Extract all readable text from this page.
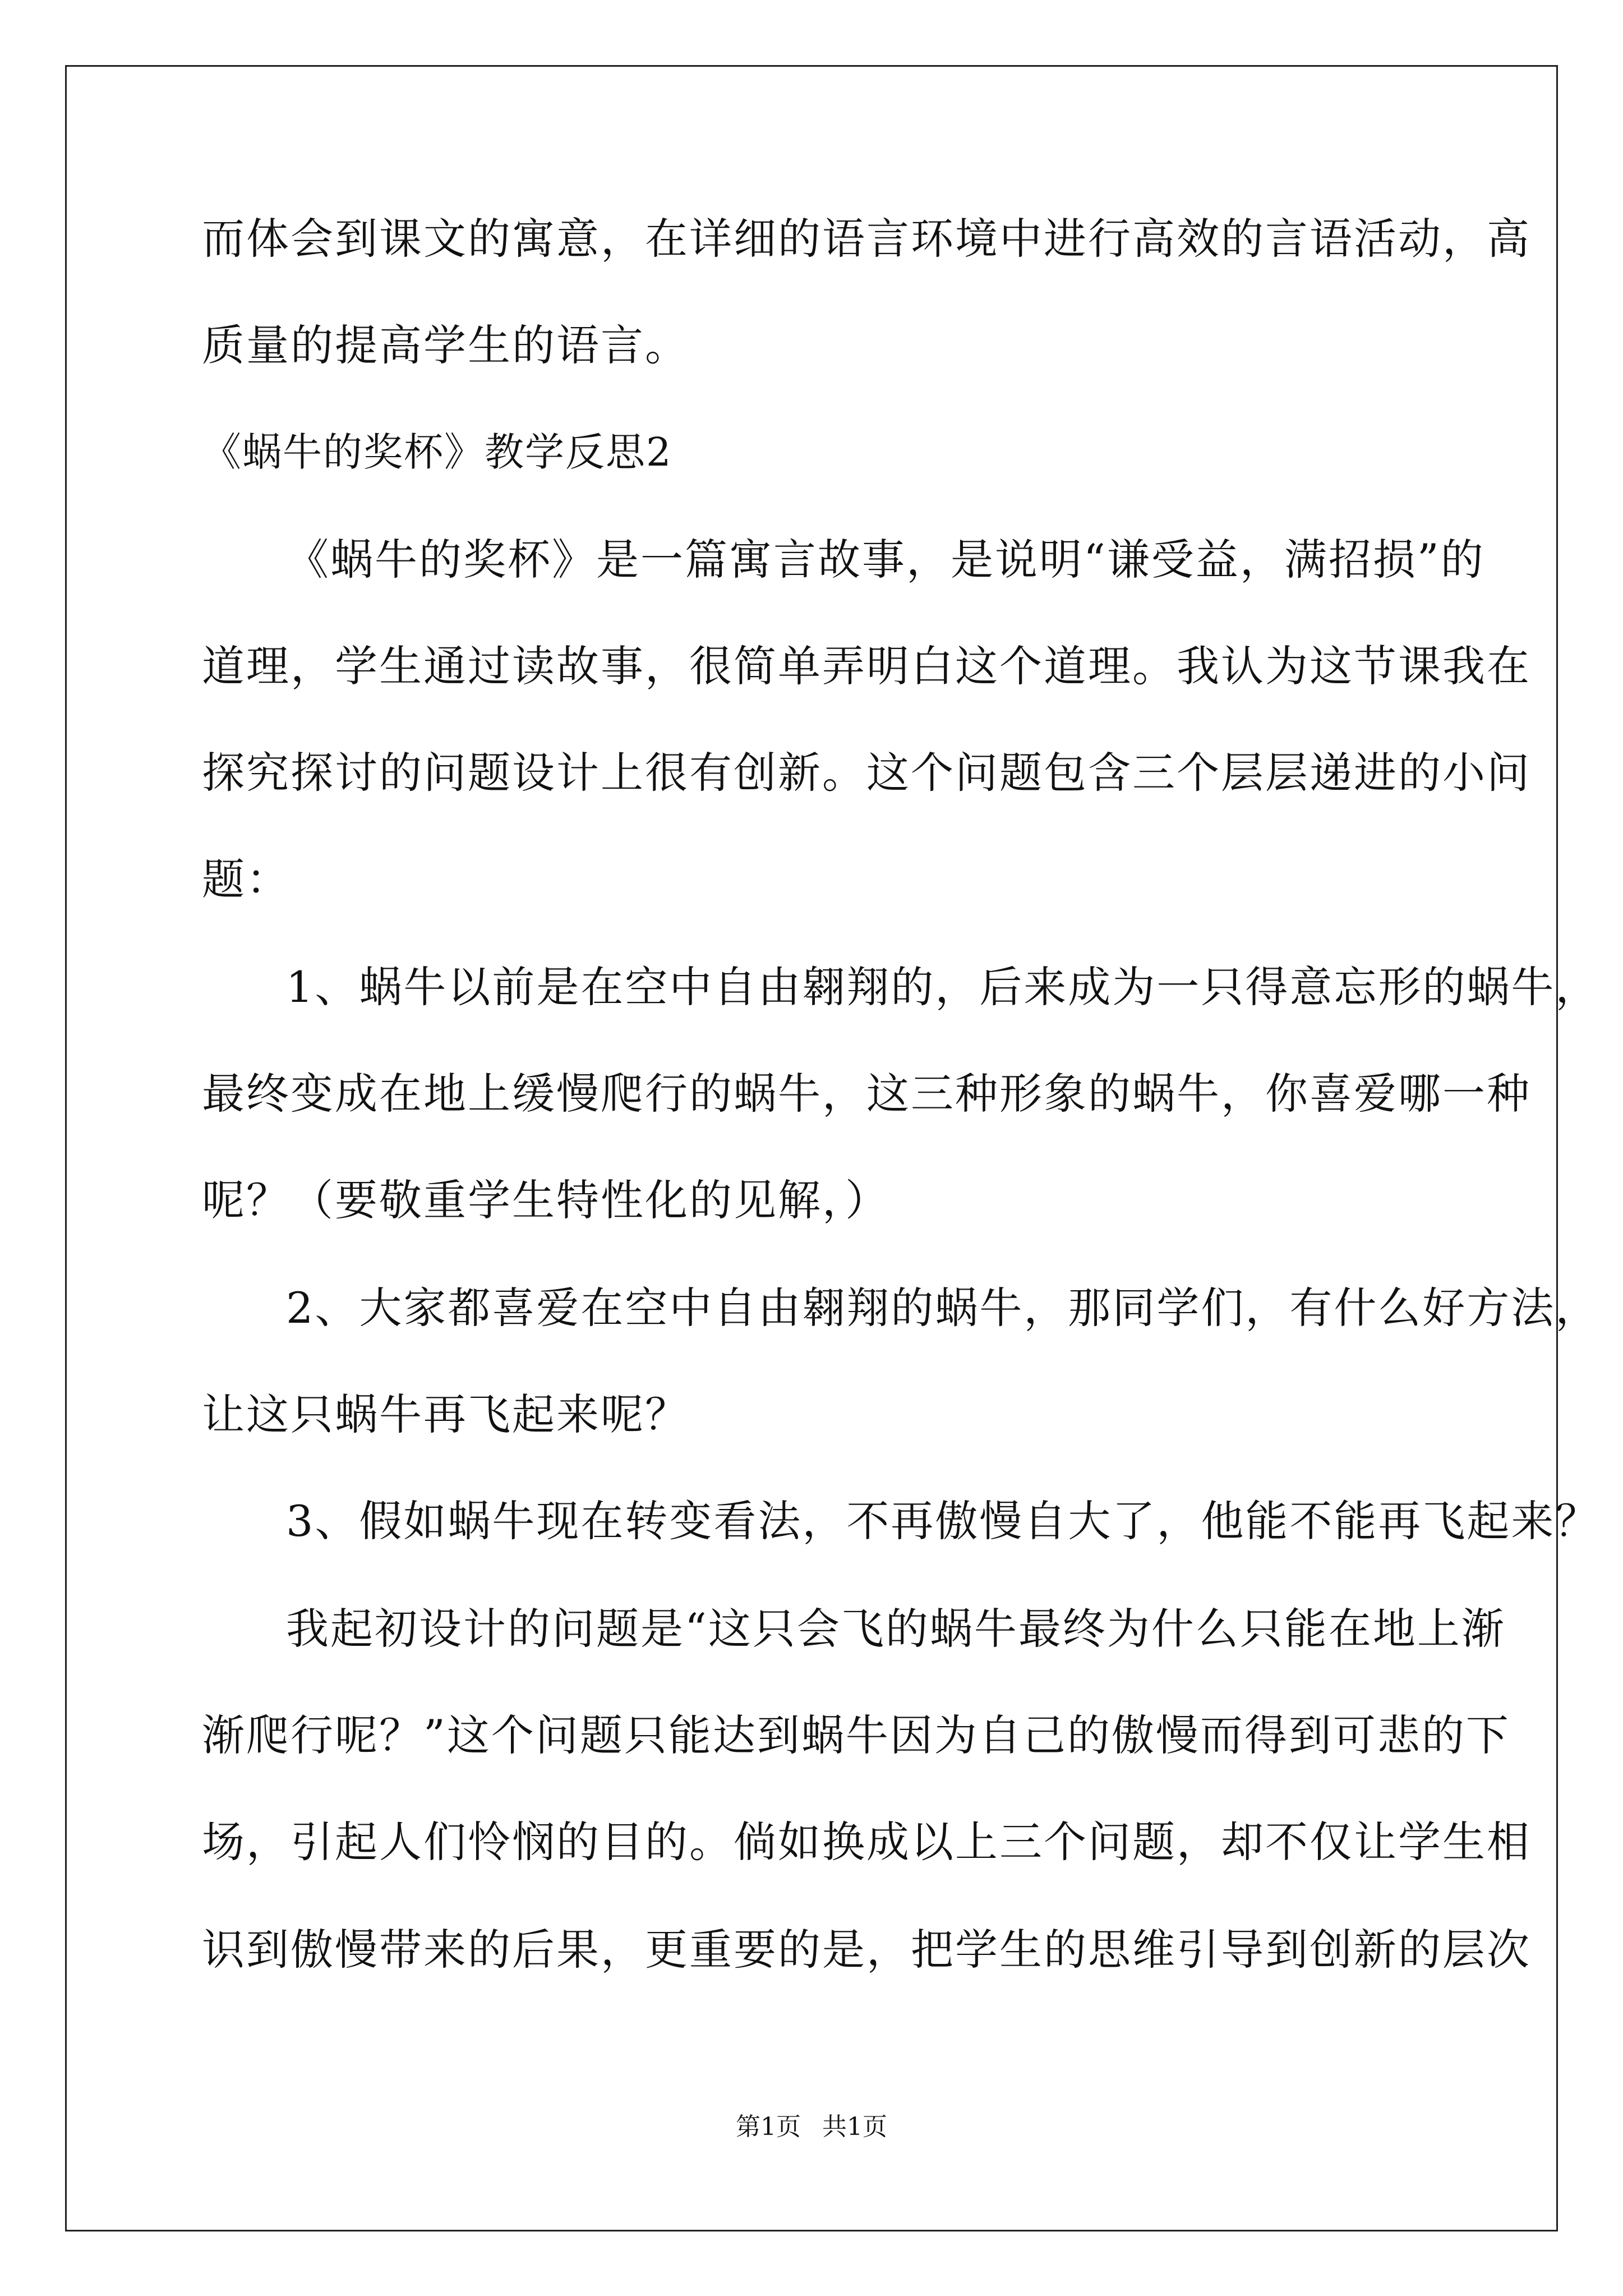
而体会到课文的寓意，在详细的语言环境中进行高效的言语活动，高
质量的提高学生的语言。
《蜗牛的奖杯》教学反思2
《蜗牛的奖杯》是一篇寓言故事，是说明“谦受益，满招损”的
道理，学生通过读故事，很简单弄明白这个道理。我认为这节课我在
探究探讨的问题设计上很有创新。这个问题包含三个层层递进的小问
题：
1、蜗牛以前是在空中自由翱翔的，后来成为一只得意忘形的蜗牛，
最终变成在地上缓慢爬行的蜗牛，这三种形象的蜗牛，你喜爱哪一种
呢？（要敬重学生特性化的见解，）
2、大家都喜爱在空中自由翱翔的蜗牛，那同学们，有什么好方法，
让这只蜗牛再飞起来呢？
3、假如蜗牛现在转变看法，不再傲慢自大了，他能不能再飞起来？
我起初设计的问题是“这只会飞的蜗牛最终为什么只能在地上渐
渐爬行呢？”这个问题只能达到蜗牛因为自己的傲慢而得到可悲的下
场，引起人们怜悯的目的。倘如换成以上三个问题，却不仅让学生相
识到傲慢带来的后果，更重要的是，把学生的思维引导到创新的层次
第1页 共1页
